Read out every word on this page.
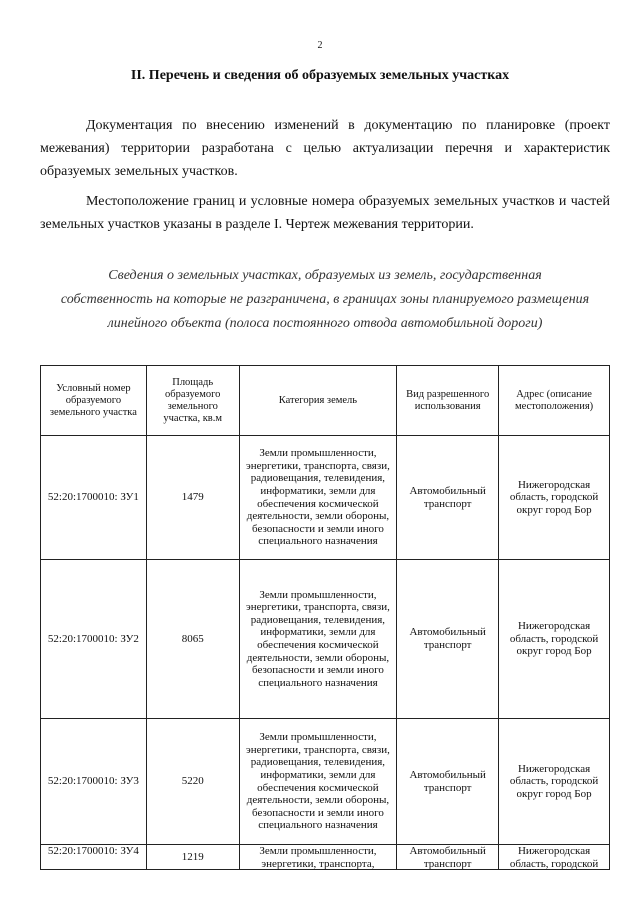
2
II. Перечень и сведения об образуемых земельных участках

Документация по внесению изменений в документацию по планировке (проект межевания) территории разработана с целью актуализации перечня и характеристик образуемых земельных участков.

Местоположение границ и условные номера образуемых земельных участков и частей земельных участков указаны в разделе I. Чертеж межевания территории.

Сведения о земельных участках, образуемых из земель, государственная
собственность на которые не разграничена, в границах зоны планируемого размещения
линейного объекта (полоса постоянного отвода автомобильной дороги)
Условный номер образуемого земельного участка	Площадь образуемого земельного участка, кв.м	Категория земель	Вид разрешенного использования	Адрес (описание местоположения)
52:20:1700010: ЗУ1	1479	Земли промышленности, энергетики, транспорта, связи, радиовещания, телевидения, информатики, земли для обеспечения космической деятельности, земли обороны, безопасности и земли иного специального назначения	Автомобильный транспорт	Нижегородская область, городской округ город Бор
52:20:1700010: ЗУ2	8065	Земли промышленности, энергетики, транспорта, связи, радиовещания, телевидения, информатики, земли для обеспечения космической деятельности, земли обороны, безопасности и земли иного специального назначения	Автомобильный транспорт	Нижегородская область, городской округ город Бор
52:20:1700010: ЗУ3	5220	Земли промышленности, энергетики, транспорта, связи, радиовещания, телевидения, информатики, земли для обеспечения космической деятельности, земли обороны, безопасности и земли иного специального назначения	Автомобильный транспорт	Нижегородская область, городской округ город Бор

52:20:1700010: ЗУ4	1219	Земли промышленности, энергетики, транспорта,	Автомобильный транспорт	Нижегородская область, городской
